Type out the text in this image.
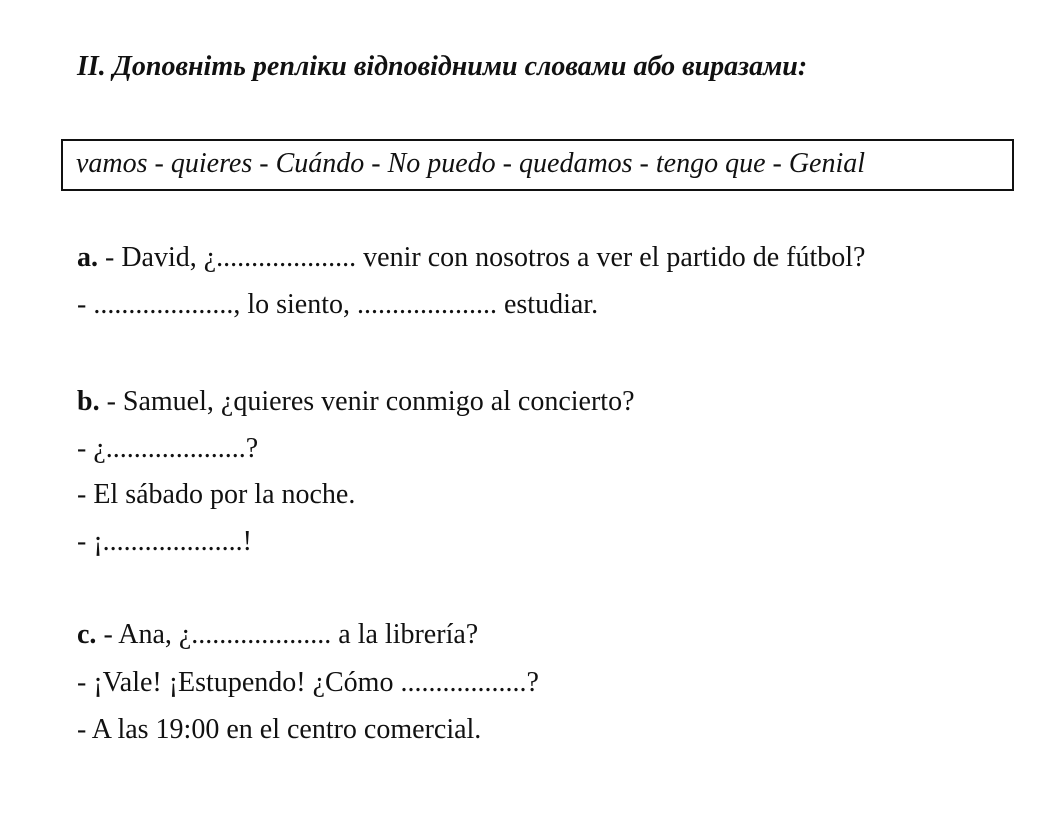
ІІ. Доповніть репліки відповідними словами або виразами:
vamos - quieres - Cuándo - No puedo - quedamos - tengo que - Genial
a. - David, ¿.................... venir con nosotros a ver el partido de fútbol?
- ...................., lo siento, .................... estudiar.
b. - Samuel, ¿quieres venir conmigo al concierto?
- ¿....................?
- El sábado por la noche.
- ¡....................!
c. - Ana, ¿.................... a la librería?
- ¡Vale! ¡Estupendo! ¿Cómo ..................?
- A las 19:00 en el centro comercial.
